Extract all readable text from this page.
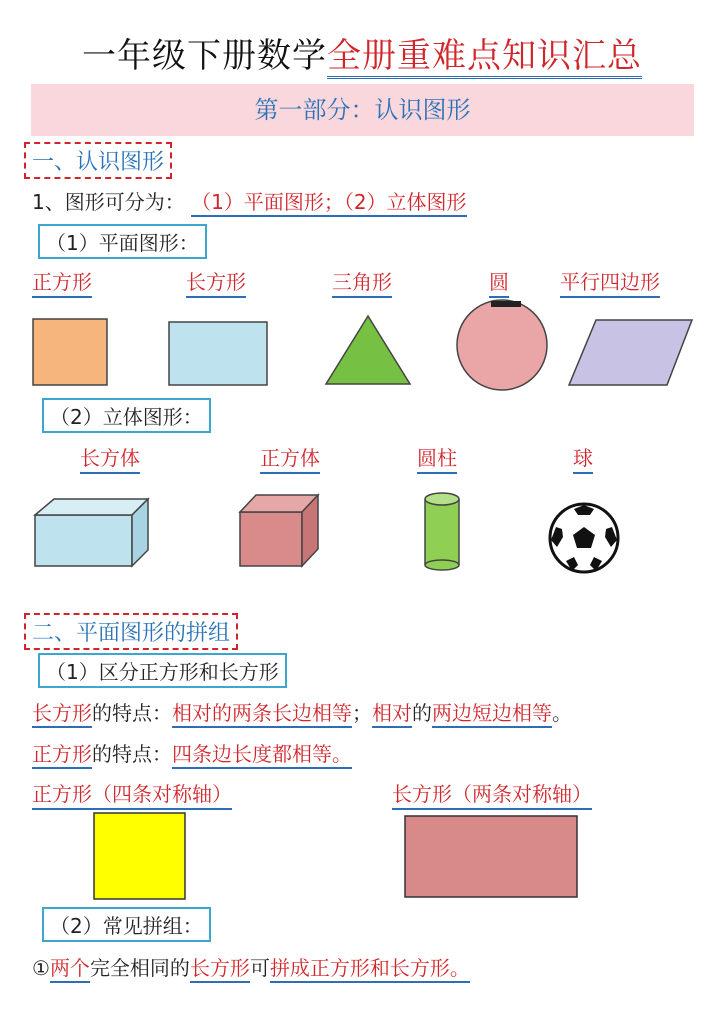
一年级下册数学全册重难点知识汇总
第一部分：认识图形
一、认识图形
1、图形可分为： （1）平面图形；（2）立体图形
（1）平面图形：
正方形	长方形	三角形	圆	平行四边形
（2）立体图形：
长方体	正方体	圆柱	球
二、平面图形的拼组
（1）区分正方形和长方形
长方形的特点：相对的两条长边相等；相对的两边短边相等。
正方形的特点：四条边长度都相等。
正方形（四条对称轴）	长方形（两条对称轴）
（2）常见拼组：
①两个完全相同的长方形可拼成正方形和长方形。
